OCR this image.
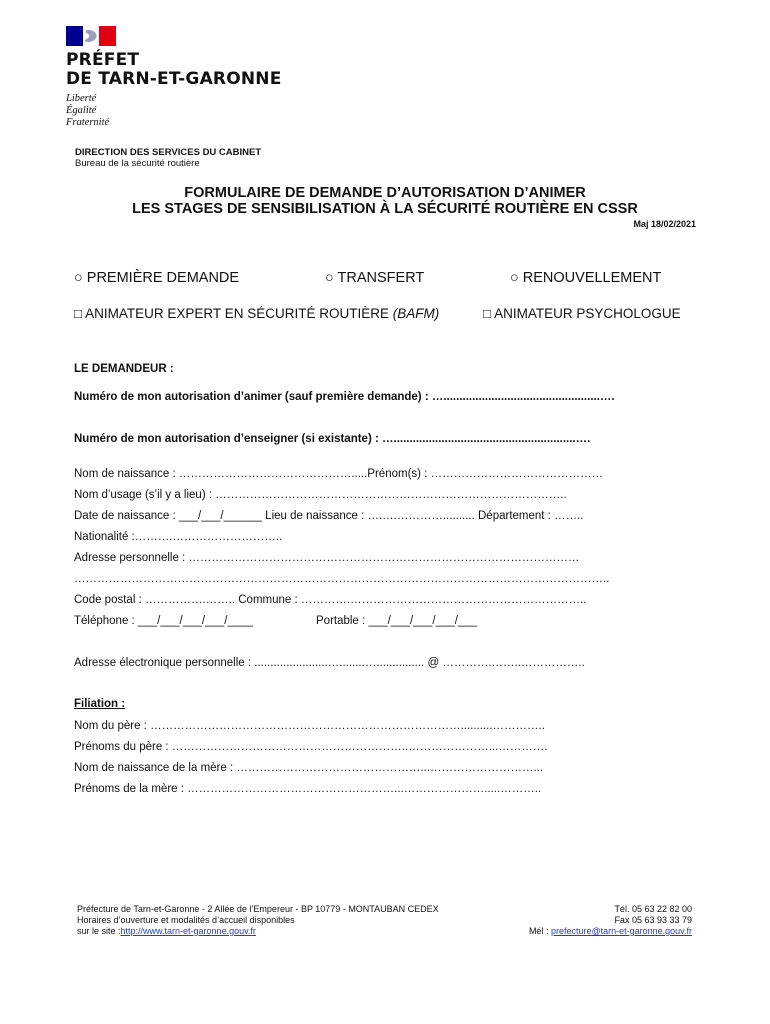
PRÉFET
DE TARN-ET-GARONNE
Liberté
Égalité
Fraternité
DIRECTION DES SERVICES DU CABINET
Bureau de la sécurité routière
FORMULAIRE DE DEMANDE D’AUTORISATION D’ANIMER
LES STAGES DE SENSIBILISATION À LA SÉCURITÉ ROUTIÈRE EN CSSR
Maj 18/02/2021
○ PREMIÈRE DEMANDE	○ TRANSFERT	○ RENOUVELLEMENT
□ ANIMATEUR EXPERT EN SÉCURITÉ ROUTIÈRE (BAFM)	□ ANIMATEUR PSYCHOLOGUE
LE DEMANDEUR :
Numéro de mon autorisation d’animer (sauf première demande) : ….................................................….
Numéro de mon autorisation d’enseigner (si existante) : ….........................................................….
Nom de naissance : ……………………………………….....Prénom(s) : ………………………………………
Nom d’usage (s’il y a lieu) : ………………………………………………………………………………..
Date de naissance : ___/___/______ Lieu de naissance : ….….………….......... Département : ……..
Nationalité :……….………………………..
Adresse personnelle : …………………………………………………………………………………………
…………………………………………………………………………………………………………………………..
Code postal : …………….…….. Commune : ………….……………………………………………………..
Téléphone : ___/___/___/___/____	Portable : ___/___/___/___/___
Adresse électronique personnelle : .......................…........…............... @ ………….……..……………..
Filiation :
Nom du père : ………………………………………………………………………..........…………..
Prénoms du père : ……………………………………………………..…………………...………….
Nom de naissance de la mère : …………………………………………...………………………...
Prénoms de la mère : ………………………………………………...………………….....………..
Préfecture de Tarn-et-Garonne - 2 Allée de l’Empereur - BP 10779 - MONTAUBAN CEDEX
Horaires d’ouverture et modalités d’accueil disponibles
sur le site :http://www.tarn-et-garonne.gouv.fr
Tél. 05 63 22 82 00
Fax 05 63 93 33 79
Mél : prefecture@tarn-et-garonne.gouv.fr
